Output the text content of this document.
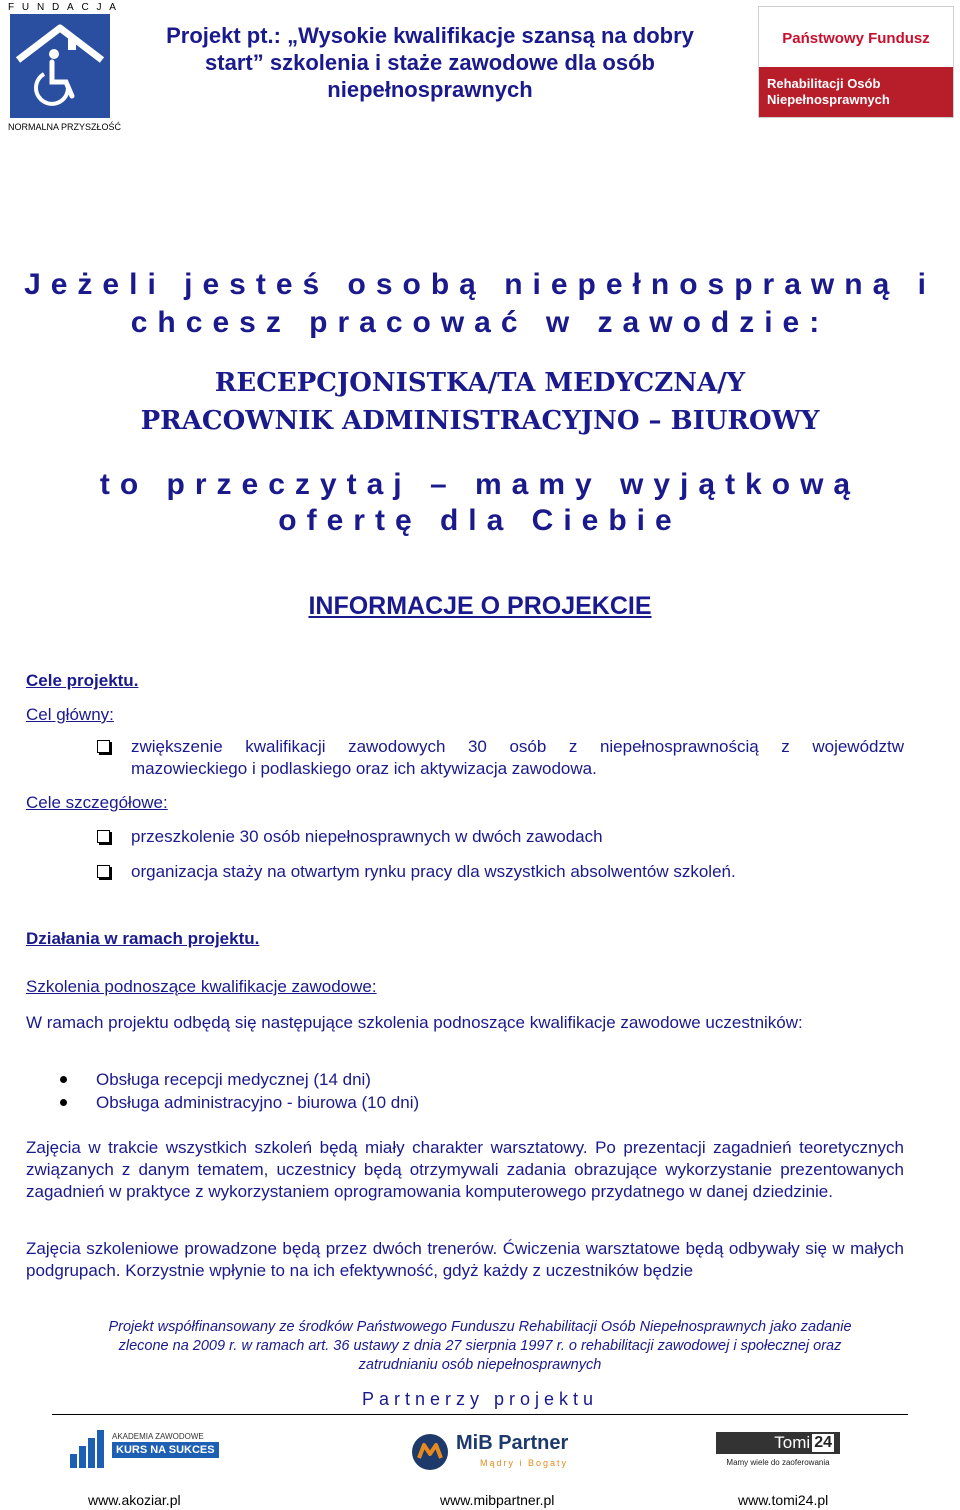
F U N D A C J A
NORMALNA PRZYSZŁOŚĆ
Projekt pt.: „Wysokie kwalifikacje szansą na dobry
start” szkolenia i staże zawodowe dla osób
niepełnosprawnych
Państwowy Fundusz
Rehabilitacji Osób
Niepełnosprawnych
Jeżeli jesteś osobą niepełnosprawną i
chcesz pracować w zawodzie:
RECEPCJONISTKA/TA MEDYCZNA/Y
PRACOWNIK ADMINISTRACYJNO – BIUROWY
to przeczytaj – mamy wyjątkową
ofertę dla Ciebie
INFORMACJE O PROJEKCIE
Cele projektu.
Cel główny:
zwiększenie kwalifikacji zawodowych 30 osób z niepełnosprawnością z województw
mazowieckiego i podlaskiego oraz ich aktywizacja zawodowa.
Cele szczegółowe:
przeszkolenie 30 osób niepełnosprawnych w dwóch zawodach
organizacja staży na otwartym rynku pracy dla wszystkich absolwentów szkoleń.
Działania w ramach projektu.
Szkolenia podnoszące kwalifikacje zawodowe:
W ramach projektu odbędą się następujące szkolenia podnoszące kwalifikacje zawodowe uczestników:
Obsługa recepcji medycznej (14 dni)
Obsługa administracyjno - biurowa (10 dni)
Zajęcia w trakcie wszystkich szkoleń będą miały charakter warsztatowy. Po prezentacji zagadnień teoretycznych związanych z danym tematem, uczestnicy będą otrzymywali zadania obrazujące wykorzystanie prezentowanych zagadnień w praktyce z wykorzystaniem oprogramowania komputerowego przydatnego w danej dziedzinie.
Zajęcia szkoleniowe prowadzone będą przez dwóch trenerów. Ćwiczenia warsztatowe będą odbywały się w małych podgrupach. Korzystnie wpłynie to na ich efektywność, gdyż każdy z uczestników będzie
Projekt współfinansowany ze środków Państwowego Funduszu Rehabilitacji Osób Niepełnosprawnych jako zadanie
zlecone na 2009 r. w ramach art. 36 ustawy z dnia 27 sierpnia 1997 r. o rehabilitacji zawodowej i społecznej oraz
zatrudnianiu osób niepełnosprawnych
Partnerzy projektu
AKADEMIA ZAWODOWE
KURS NA SUKCES
www.akoziar.pl
MiB Partner
Mądry i Bogaty
www.mibpartner.pl
Tomi 24
Mamy wiele do zaoferowania
www.tomi24.pl
